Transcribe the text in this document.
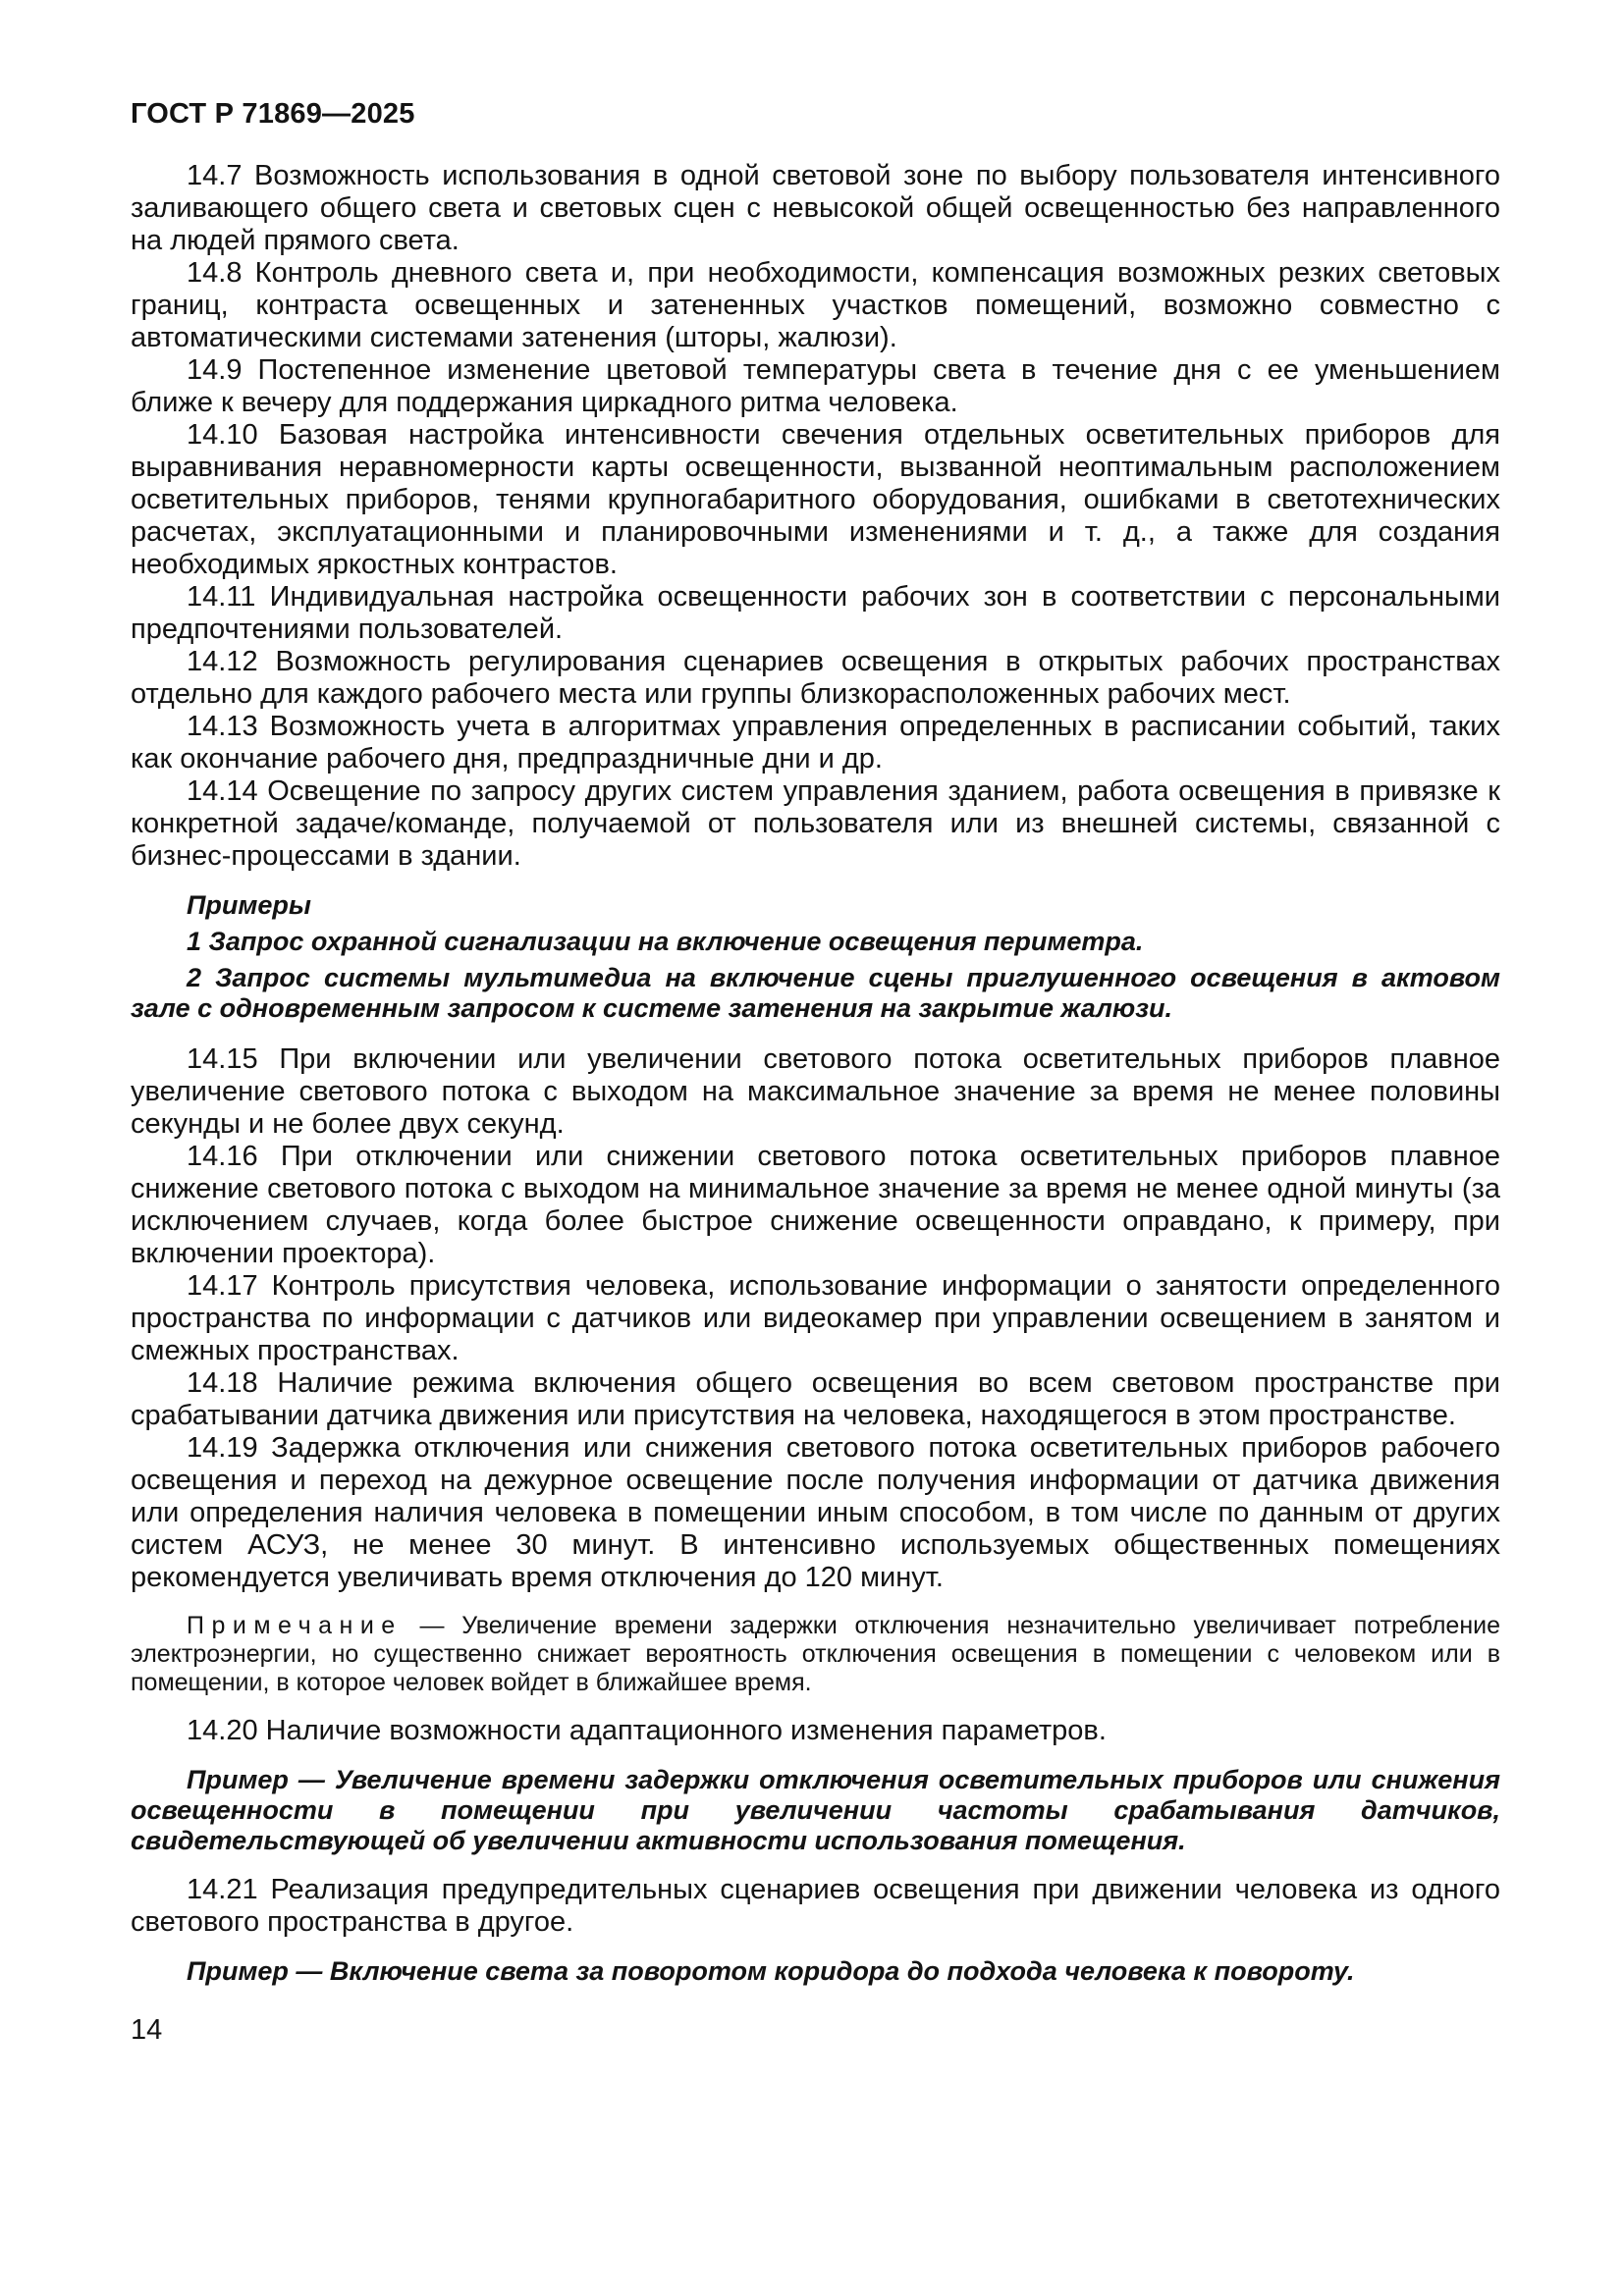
ГОСТ Р 71869—2025

14.7 Возможность использования в одной световой зоне по выбору пользователя интенсивного заливающего общего света и световых сцен с невысокой общей освещенностью без направленного на людей прямого света.

14.8 Контроль дневного света и, при необходимости, компенсация возможных резких световых границ, контраста освещенных и затененных участков помещений, возможно совместно с автоматическими системами затенения (шторы, жалюзи).

14.9 Постепенное изменение цветовой температуры света в течение дня с ее уменьшением ближе к вечеру для поддержания циркадного ритма человека.

14.10 Базовая настройка интенсивности свечения отдельных осветительных приборов для выравнивания неравномерности карты освещенности, вызванной неоптимальным расположением осветительных приборов, тенями крупногабаритного оборудования, ошибками в светотехнических расчетах, эксплуатационными и планировочными изменениями и т. д., а также для создания необходимых яркостных контрастов.

14.11 Индивидуальная настройка освещенности рабочих зон в соответствии с персональными предпочтениями пользователей.

14.12 Возможность регулирования сценариев освещения в открытых рабочих пространствах отдельно для каждого рабочего места или группы близкорасположенных рабочих мест.

14.13 Возможность учета в алгоритмах управления определенных в расписании событий, таких как окончание рабочего дня, предпраздничные дни и др.

14.14 Освещение по запросу других систем управления зданием, работа освещения в привязке к конкретной задаче/команде, получаемой от пользователя или из внешней системы, связанной с бизнес-процессами в здании.

Примеры

1 Запрос охранной сигнализации на включение освещения периметра.

2 Запрос системы мультимедиа на включение сцены приглушенного освещения в актовом зале с одновременным запросом к системе затенения на закрытие жалюзи.

14.15 При включении или увеличении светового потока осветительных приборов плавное увеличение светового потока с выходом на максимальное значение за время не менее половины секунды и не более двух секунд.

14.16 При отключении или снижении светового потока осветительных приборов плавное снижение светового потока с выходом на минимальное значение за время не менее одной минуты (за исключением случаев, когда более быстрое снижение освещенности оправдано, к примеру, при включении проектора).

14.17 Контроль присутствия человека, использование информации о занятости определенного пространства по информации с датчиков или видеокамер при управлении освещением в занятом и смежных пространствах.

14.18 Наличие режима включения общего освещения во всем световом пространстве при срабатывании датчика движения или присутствия на человека, находящегося в этом пространстве.

14.19 Задержка отключения или снижения светового потока осветительных приборов рабочего освещения и переход на дежурное освещение после получения информации от датчика движения или определения наличия человека в помещении иным способом, в том числе по данным от других систем АСУЗ, не менее 30 минут. В интенсивно используемых общественных помещениях рекомендуется увеличивать время отключения до 120 минут.

Примечание — Увеличение времени задержки отключения незначительно увеличивает потребление электроэнергии, но существенно снижает вероятность отключения освещения в помещении с человеком или в помещении, в которое человек войдет в ближайшее время.

14.20 Наличие возможности адаптационного изменения параметров.

Пример — Увеличение времени задержки отключения осветительных приборов или снижения освещенности в помещении при увеличении частоты срабатывания датчиков, свидетельствующей об увеличении активности использования помещения.

14.21 Реализация предупредительных сценариев освещения при движении человека из одного светового пространства в другое.

Пример — Включение света за поворотом коридора до подхода человека к повороту.

14
